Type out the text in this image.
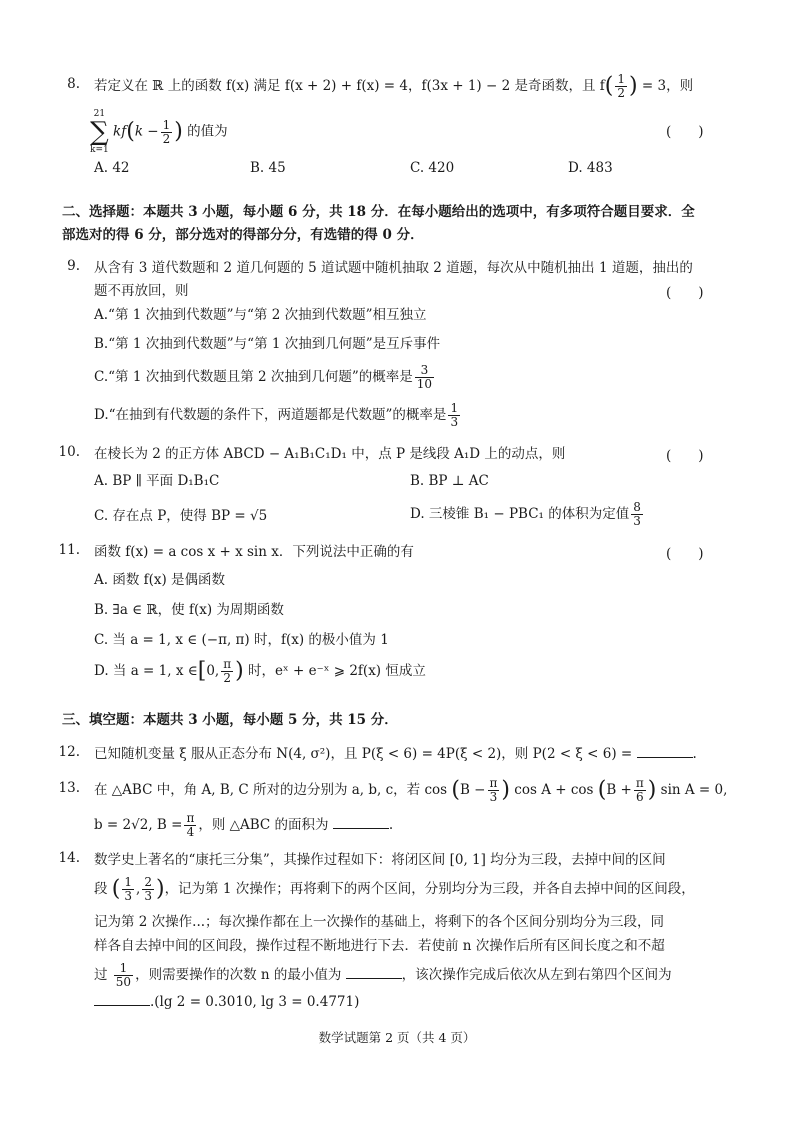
8. 若定义在 ℝ 上的函数 f(x) 满足 f(x + 2) + f(x) = 4，f(3x + 1) − 2 是奇函数，且 $f( \frac{1}{2}$ ) = 3，则
21
∑
k=1
$kf(k - \frac{1}{2}$ ) 的值为	(　　)
A. 42	B. 45	C. 420	D. 483
二、选择题：本题共 3 小题，每小题 6 分，共 18 分．在每小题给出的选项中，有多项符合题目要求．全
部选对的得 6 分，部分选对的得部分分，有选错的得 0 分．
9. 从含有 3 道代数题和 2 道几何题的 5 道试题中随机抽取 2 道题，每次从中随机抽出 1 道题，抽出的
题不再放回，则	(　　)
A.“第 1 次抽到代数题”与“第 2 次抽到代数题”相互独立
B.“第 1 次抽到代数题”与“第 1 次抽到几何题”是互斥事件
C.“第 1 次抽到代数题且第 2 次抽到几何题”的概率是 $\frac{3}{10}$
D.“在抽到有代数题的条件下，两道题都是代数题”的概率是 $\frac{1}{3}$
10. 在棱长为 2 的正方体 ABCD − A₁B₁C₁D₁ 中，点 P 是线段 A₁D 上的动点，则	(　　)
A. BP ∥ 平面 D₁B₁C	B. BP ⊥ AC
C. 存在点 P，使得 BP = √5	D. 三棱锥 B₁ − PBC₁ 的体积为定值 $\frac{8}{3}$
11. 函数 f(x) = a cos x + x sin x．下列说法中正确的有	(　　)
A. 函数 f(x) 是偶函数
B. ∃a ∈ ℝ，使 f(x) 为周期函数
C. 当 a = 1, x ∈ (−π, π) 时，f(x) 的极小值为 1
D. 当 a = 1, x ∈[0, $\frac{\pi}{2}$ ) 时，eˣ + e⁻ˣ ⩾ 2f(x) 恒成立
三、填空题：本题共 3 小题，每小题 5 分，共 15 分．
12. 已知随机变量 ξ 服从正态分布 N(4, σ²)，且 P(ξ < 6) = 4P(ξ < 2)，则 P(2 < ξ < 6) =	.
13. 在 △ABC 中，角 A, B, C 所对的边分别为 a, b, c，若 $\cos (B - \frac{\pi}{3}$ ) $\cos A + \cos (B + \frac{\pi}{6}$ ) sin A = 0,
b = 2√2, $B = \frac{\pi}{4}$ ，则 △ABC 的面积为	.
14. 数学史上著名的“康托三分集”，其操作过程如下：将闭区间 [0, 1] 均分为三段，去掉中间的区间
段 ( $\frac{1}{3}$ , $\frac{2}{3}$ )，记为第 1 次操作；再将剩下的两个区间，分别均分为三段，并各自去掉中间的区间段，
记为第 2 次操作...；每次操作都在上一次操作的基础上，将剩下的各个区间分别均分为三段，同
样各自去掉中间的区间段，操作过程不断地进行下去．若使前 n 次操作后所有区间长度之和不超
过 $\frac{1}{50}$ ，则需要操作的次数 n 的最小值为	，该次操作完成后依次从左到右第四个区间为
.(lg 2 = 0.3010, lg 3 = 0.4771)
数学试题第 2 页（共 4 页）
